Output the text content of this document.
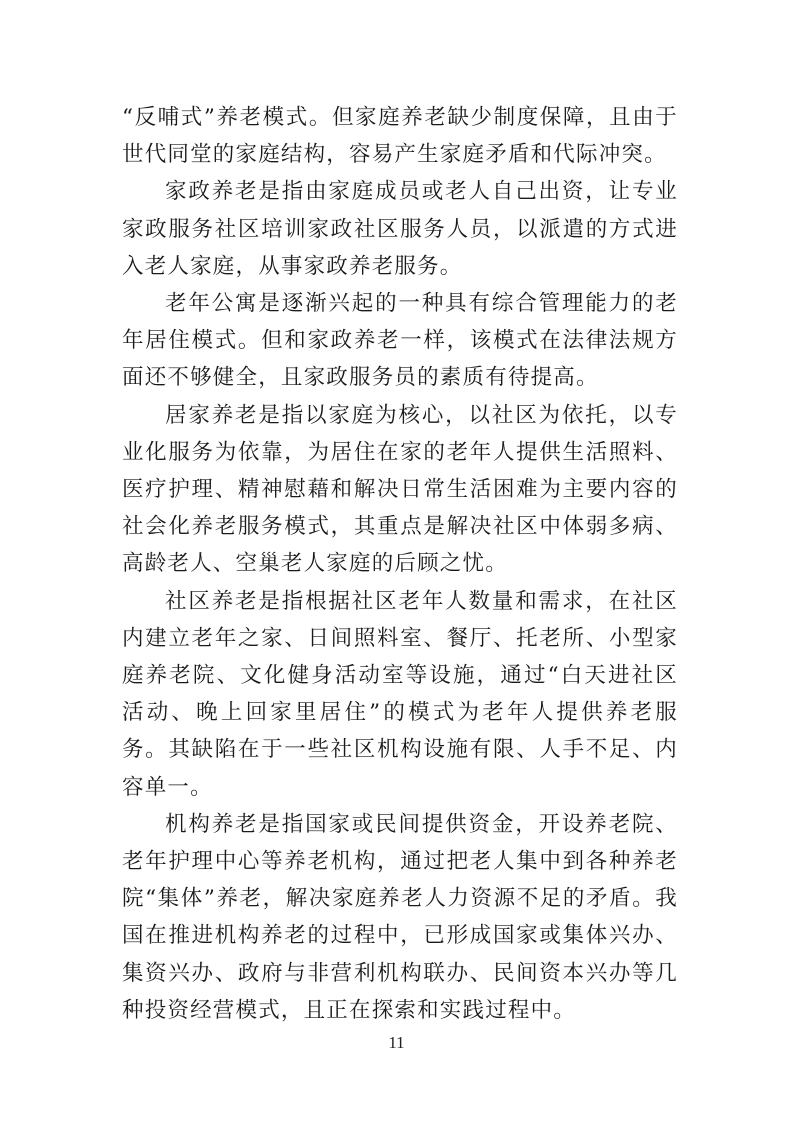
“反哺式”养老模式。但家庭养老缺少制度保障，且由于世代同堂的家庭结构，容易产生家庭矛盾和代际冲突。

家政养老是指由家庭成员或老人自己出资，让专业家政服务社区培训家政社区服务人员，以派遣的方式进入老人家庭，从事家政养老服务。

老年公寓是逐渐兴起的一种具有综合管理能力的老年居住模式。但和家政养老一样，该模式在法律法规方面还不够健全，且家政服务员的素质有待提高。

居家养老是指以家庭为核心，以社区为依托，以专业化服务为依靠，为居住在家的老年人提供生活照料、医疗护理、精神慰藉和解决日常生活困难为主要内容的社会化养老服务模式，其重点是解决社区中体弱多病、高龄老人、空巢老人家庭的后顾之忧。

社区养老是指根据社区老年人数量和需求，在社区内建立老年之家、日间照料室、餐厅、托老所、小型家庭养老院、文化健身活动室等设施，通过“白天进社区活动、晚上回家里居住”的模式为老年人提供养老服务。其缺陷在于一些社区机构设施有限、人手不足、内容单一。

机构养老是指国家或民间提供资金，开设养老院、老年护理中心等养老机构，通过把老人集中到各种养老院“集体”养老，解决家庭养老人力资源不足的矛盾。我国在推进机构养老的过程中，已形成国家或集体兴办、集资兴办、政府与非营利机构联办、民间资本兴办等几种投资经营模式，且正在探索和实践过程中。

11
